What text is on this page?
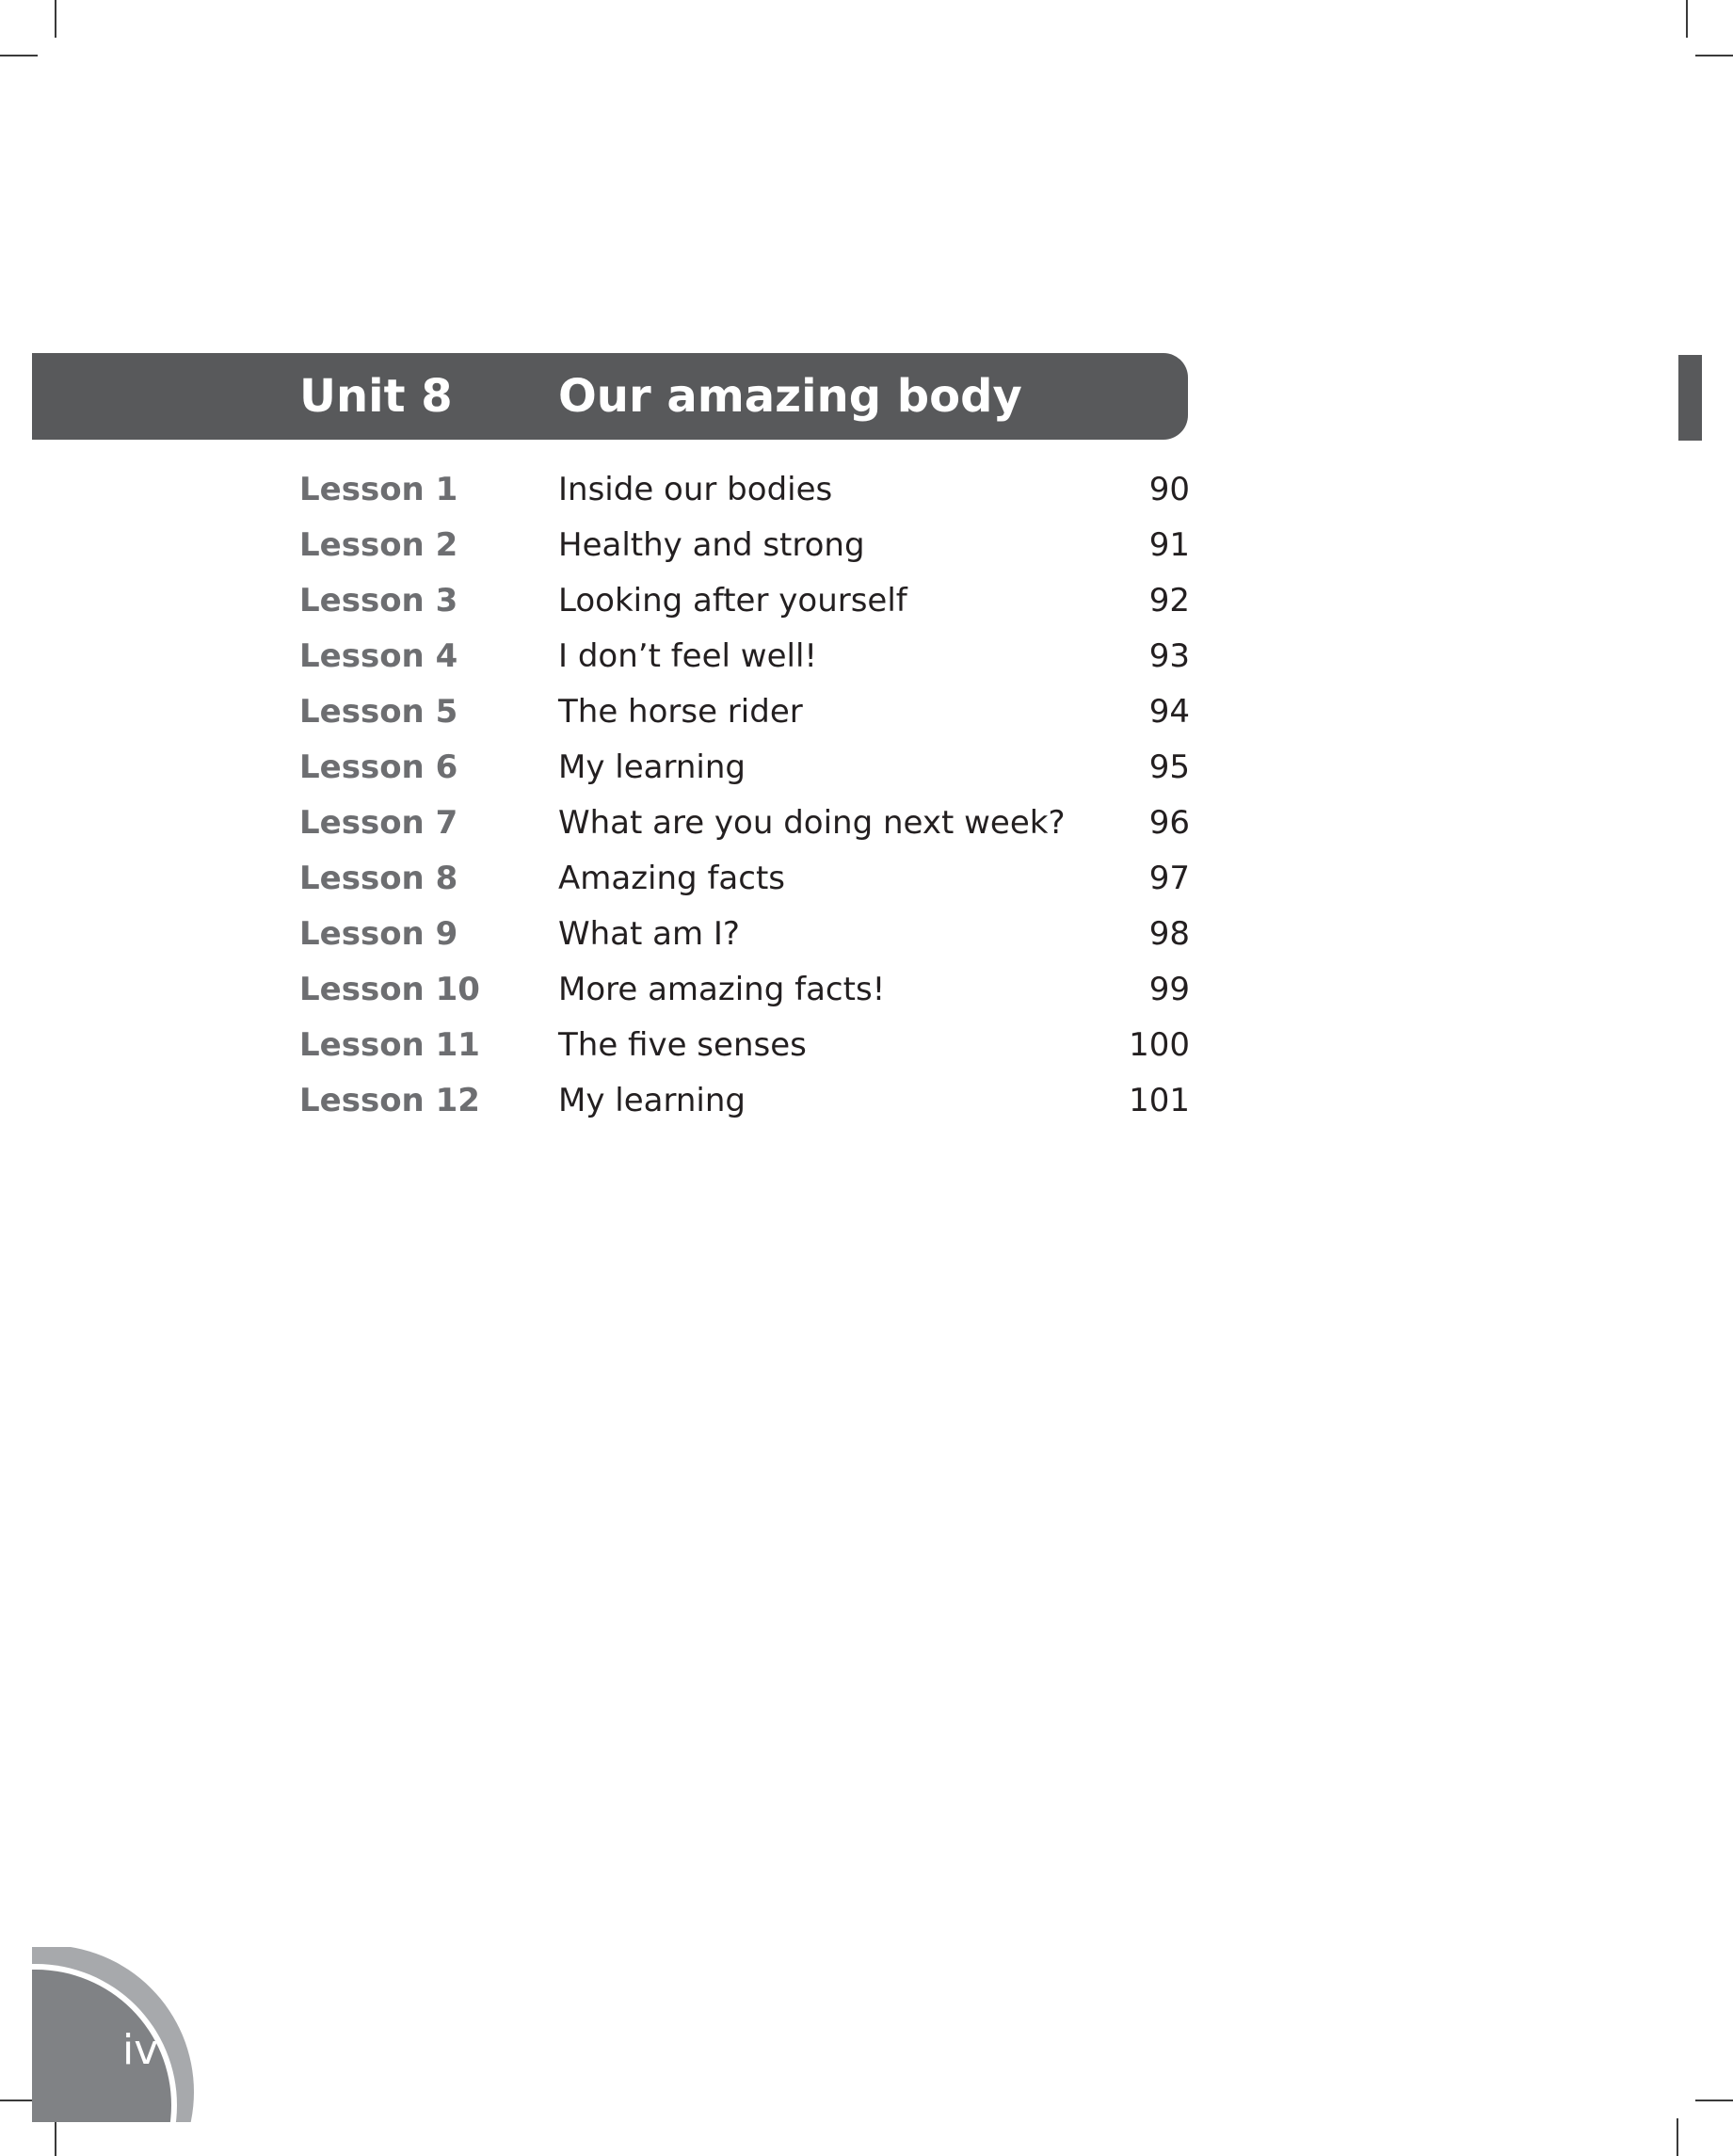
Unit 8 Our amazing body
Lesson 1	Inside our bodies	90
Lesson 2	Healthy and strong	91
Lesson 3	Looking after yourself	92
Lesson 4	I don’t feel well!	93
Lesson 5	The horse rider	94
Lesson 6	My learning	95
Lesson 7	What are you doing next week?	96
Lesson 8	Amazing facts	97
Lesson 9	What am I?	98
Lesson 10 More amazing facts!	99
Lesson 11 The five senses	100
Lesson 12 My learning	101
iv
